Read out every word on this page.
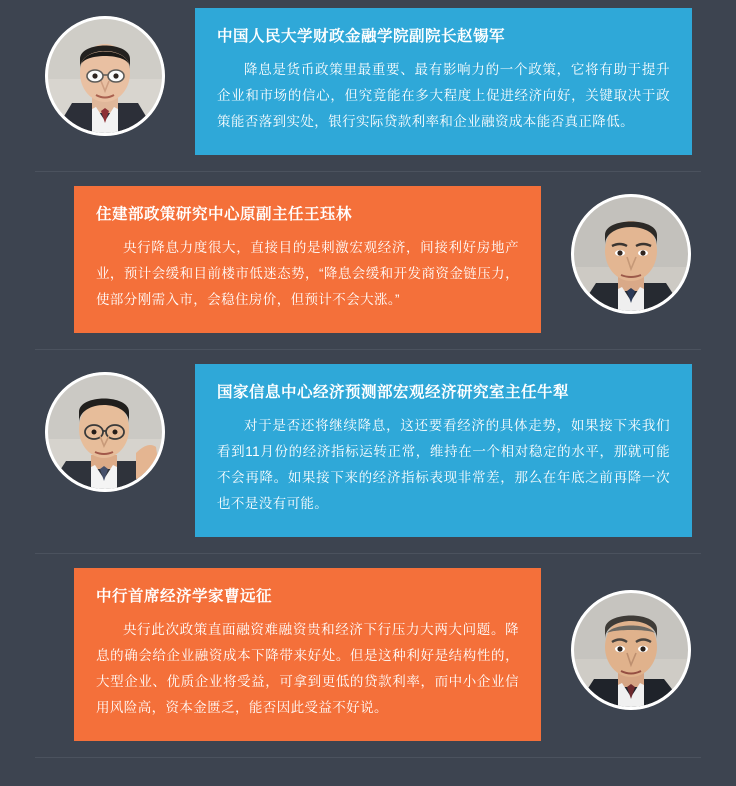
中国人民大学财政金融学院副院长赵锡军
降息是货币政策里最重要、最有影响力的一个政策，它将有助于提升企业和市场的信心，但究竟能在多大程度上促进经济向好，关键取决于政策能否落到实处，银行实际贷款利率和企业融资成本能否真正降低。
住建部政策研究中心原副主任王珏林
央行降息力度很大，直接目的是刺激宏观经济，间接利好房地产业，预计会缓和目前楼市低迷态势，“降息会缓和开发商资金链压力，使部分刚需入市，会稳住房价，但预计不会大涨。”
国家信息中心经济预测部宏观经济研究室主任牛犁
对于是否还将继续降息，这还要看经济的具体走势，如果接下来我们看到11月份的经济指标运转正常，维持在一个相对稳定的水平，那就可能不会再降。如果接下来的经济指标表现非常差，那么在年底之前再降一次也不是没有可能。
中行首席经济学家曹远征
央行此次政策直面融资难融资贵和经济下行压力大两大问题。降息的确会给企业融资成本下降带来好处。但是这种利好是结构性的，大型企业、优质企业将受益，可拿到更低的贷款利率，而中小企业信用风险高，资本金匮乏，能否因此受益不好说。
